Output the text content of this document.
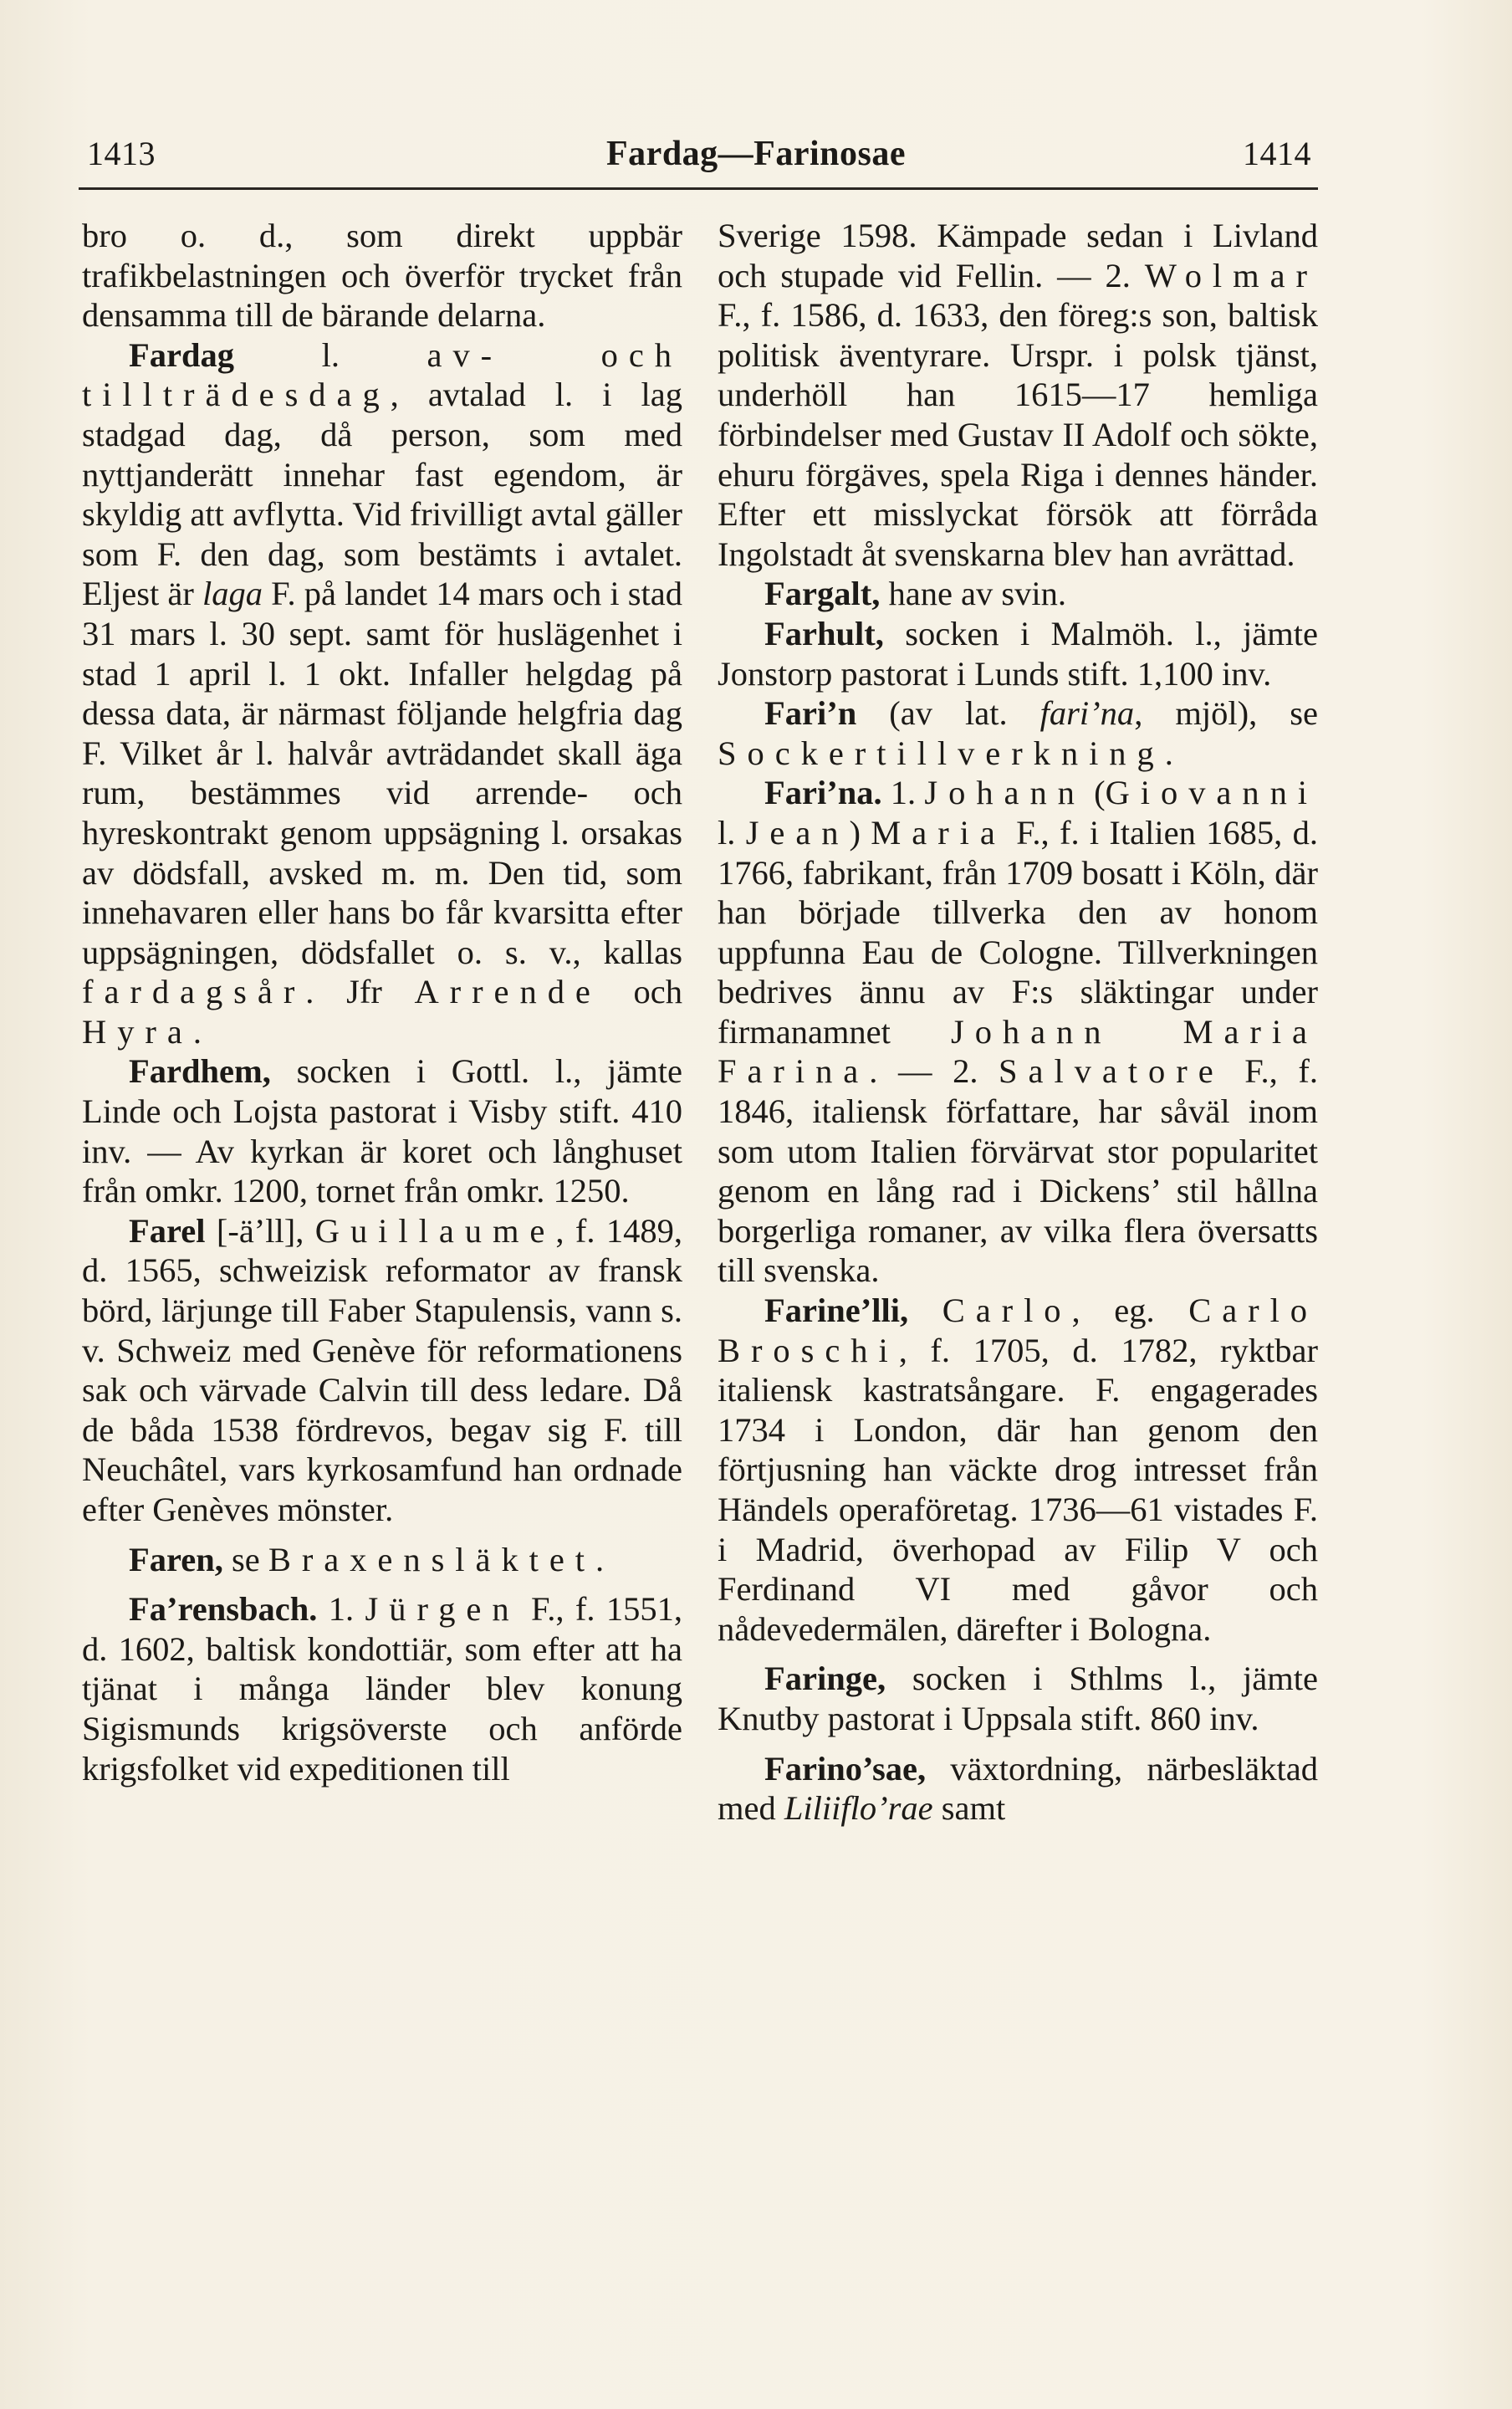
1413	Fardag—Farinosae	1414

bro o. d., som direkt uppbär trafikbelastningen och överför trycket från densamma till de bärande delarna.

Fardag l. av- och tillträdesdag, avtalad l. i lag stadgad dag, då person, som med nyttjanderätt innehar fast egendom, är skyldig att avflytta. Vid frivilligt avtal gäller som F. den dag, som bestämts i avtalet. Eljest är laga F. på landet 14 mars och i stad 31 mars l. 30 sept. samt för huslägenhet i stad 1 april l. 1 okt. Infaller helgdag på dessa data, är närmast följande helgfria dag F. Vilket år l. halvår avträdandet skall äga rum, bestämmes vid arrende- och hyreskontrakt genom uppsägning l. orsakas av dödsfall, avsked m. m. Den tid, som innehavaren eller hans bo får kvarsitta efter uppsägningen, dödsfallet o. s. v., kallas fardagsår. Jfr Arrende och Hyra.

Fardhem, socken i Gottl. l., jämte Linde och Lojsta pastorat i Visby stift. 410 inv. — Av kyrkan är koret och långhuset från omkr. 1200, tornet från omkr. 1250.

Farel [-ä’ll], Guillaume, f. 1489, d. 1565, schweizisk reformator av fransk börd, lärjunge till Faber Stapulensis, vann s. v. Schweiz med Genève för reformationens sak och värvade Calvin till dess ledare. Då de båda 1538 fördrevos, begav sig F. till Neuchâtel, vars kyrkosamfund han ordnade efter Genèves mönster.

Faren, se Braxensläktet.

Fa’rensbach. 1. Jürgen F., f. 1551, d. 1602, baltisk kondottiär, som efter att ha tjänat i många länder blev konung Sigismunds krigsöverste och anförde krigsfolket vid expeditionen till

Sverige 1598. Kämpade sedan i Livland och stupade vid Fellin. — 2. Wolmar F., f. 1586, d. 1633, den föreg:s son, baltisk politisk äventyrare. Urspr. i polsk tjänst, underhöll han 1615—17 hemliga förbindelser med Gustav II Adolf och sökte, ehuru förgäves, spela Riga i dennes händer. Efter ett misslyckat försök att förråda Ingolstadt åt svenskarna blev han avrättad.

Fargalt, hane av svin.

Farhult, socken i Malmöh. l., jämte Jonstorp pastorat i Lunds stift. 1,100 inv.

Fari’n (av lat. fari’na, mjöl), se Sockertillverkning.

Fari’na. 1. Johann (Giovanni l. Jean) Maria F., f. i Italien 1685, d. 1766, fabrikant, från 1709 bosatt i Köln, där han började tillverka den av honom uppfunna Eau de Cologne. Tillverkningen bedrives ännu av F:s släktingar under firmanamnet Johann Maria Farina. — 2. Salvatore F., f. 1846, italiensk författare, har såväl inom som utom Italien förvärvat stor popularitet genom en lång rad i Dickens’ stil hållna borgerliga romaner, av vilka flera översatts till svenska.

Farine’lli, Carlo, eg. Carlo Broschi, f. 1705, d. 1782, ryktbar italiensk kastratsångare. F. engagerades 1734 i London, där han genom den förtjusning han väckte drog intresset från Händels operaföretag. 1736—61 vistades F. i Madrid, överhopad av Filip V och Ferdinand VI med gåvor och nådevedermälen, därefter i Bologna.

Faringe, socken i Sthlms l., jämte Knutby pastorat i Uppsala stift. 860 inv.

Farino’sae, växtordning, närbesläktad med Liliiflo’rae samt
